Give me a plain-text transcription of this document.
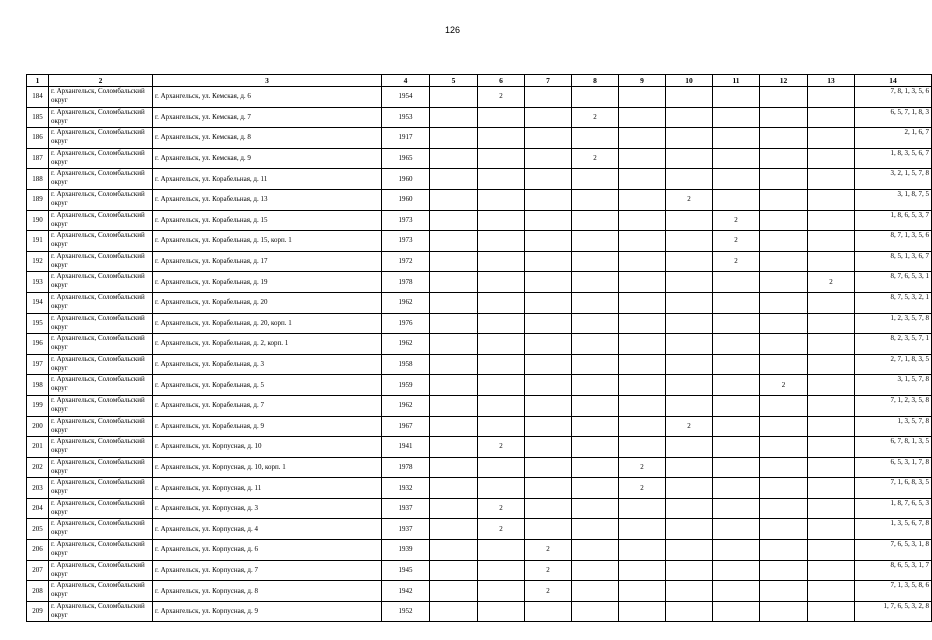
126
1	2	3	4	5	6	7	8	9	10	11	12	13	14
184	г. Архангельск, Соломбальский округ	г. Архангельск, ул. Кемская, д. 6	1954		2								7, 8, 1, 3, 5, 6
185	г. Архангельск, Соломбальский округ	г. Архангельск, ул. Кемская, д. 7	1953				2						6, 5, 7, 1, 8, 3
186	г. Архангельск, Соломбальский округ	г. Архангельск, ул. Кемская, д. 8	1917										2, 1, 6, 7
187	г. Архангельск, Соломбальский округ	г. Архангельск, ул. Кемская, д. 9	1965				2						1, 8, 3, 5, 6, 7
188	г. Архангельск, Соломбальский округ	г. Архангельск, ул. Корабельная, д. 11	1960										3, 2, 1, 5, 7, 8
189	г. Архангельск, Соломбальский округ	г. Архангельск, ул. Корабельная, д. 13	1960						2				3, 1, 8, 7, 5
190	г. Архангельск, Соломбальский округ	г. Архангельск, ул. Корабельная, д. 15	1973							2			1, 8, 6, 5, 3, 7
191	г. Архангельск, Соломбальский округ	г. Архангельск, ул. Корабельная, д. 15, корп. 1	1973							2			8, 7, 1, 3, 5, 6
192	г. Архангельск, Соломбальский округ	г. Архангельск, ул. Корабельная, д. 17	1972							2			8, 5, 1, 3, 6, 7
193	г. Архангельск, Соломбальский округ	г. Архангельск, ул. Корабельная, д. 19	1978									2	8, 7, 6, 5, 3, 1
194	г. Архангельск, Соломбальский округ	г. Архангельск, ул. Корабельная, д. 20	1962										8, 7, 5, 3, 2, 1
195	г. Архангельск, Соломбальский округ	г. Архангельск, ул. Корабельная, д. 20, корп. 1	1976										1, 2, 3, 5, 7, 8
196	г. Архангельск, Соломбальский округ	г. Архангельск, ул. Корабельная, д. 2, корп. 1	1962										8, 2, 3, 5, 7, 1
197	г. Архангельск, Соломбальский округ	г. Архангельск, ул. Корабельная, д. 3	1958										2, 7, 1, 8, 3, 5
198	г. Архангельск, Соломбальский округ	г. Архангельск, ул. Корабельная, д. 5	1959								2		3, 1, 5, 7, 8
199	г. Архангельск, Соломбальский округ	г. Архангельск, ул. Корабельная, д. 7	1962										7, 1, 2, 3, 5, 8
200	г. Архангельск, Соломбальский округ	г. Архангельск, ул. Корабельная, д. 9	1967						2				1, 3, 5, 7, 8
201	г. Архангельск, Соломбальский округ	г. Архангельск, ул. Корпусная, д. 10	1941		2								6, 7, 8, 1, 3, 5
202	г. Архангельск, Соломбальский округ	г. Архангельск, ул. Корпусная, д. 10, корп. 1	1978					2					6, 5, 3, 1, 7, 8
203	г. Архангельск, Соломбальский округ	г. Архангельск, ул. Корпусная, д. 11	1932					2					7, 1, 6, 8, 3, 5
204	г. Архангельск, Соломбальский округ	г. Архангельск, ул. Корпусная, д. 3	1937		2								1, 8, 7, 6, 5, 3
205	г. Архангельск, Соломбальский округ	г. Архангельск, ул. Корпусная, д. 4	1937		2								1, 3, 5, 6, 7, 8
206	г. Архангельск, Соломбальский округ	г. Архангельск, ул. Корпусная, д. 6	1939			2							7, 6, 5, 3, 1, 8
207	г. Архангельск, Соломбальский округ	г. Архангельск, ул. Корпусная, д. 7	1945			2							8, 6, 5, 3, 1, 7
208	г. Архангельск, Соломбальский округ	г. Архангельск, ул. Корпусная, д. 8	1942			2							7, 1, 3, 5, 8, 6
209	г. Архангельск, Соломбальский округ	г. Архангельск, ул. Корпусная, д. 9	1952										1, 7, 6, 5, 3, 2, 8
